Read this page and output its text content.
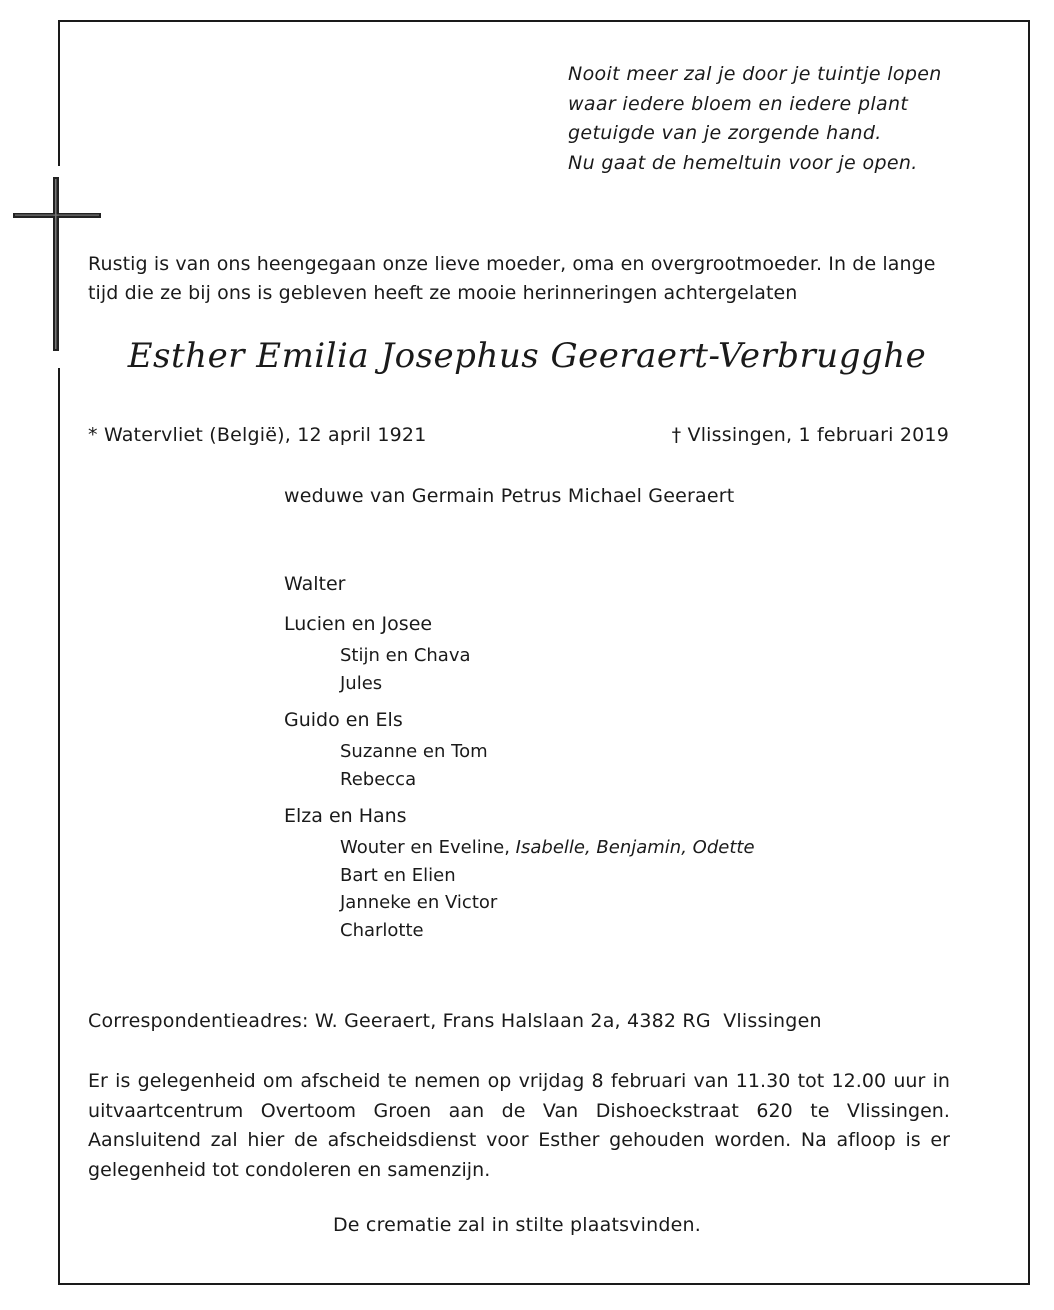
Nooit meer zal je door je tuintje lopen
waar iedere bloem en iedere plant
getuigde van je zorgende hand.
Nu gaat de hemeltuin voor je open.
Rustig is van ons heengegaan onze lieve moeder, oma en overgrootmoeder. In de lange tijd die ze bij ons is gebleven heeft ze mooie herinneringen achtergelaten
Esther Emilia Josephus Geeraert-Verbrugghe
* Watervliet (België), 12 april 1921	† Vlissingen, 1 februari 2019
weduwe van Germain Petrus Michael Geeraert
Walter
Lucien en Josee
Stijn en Chava
Jules
Guido en Els
Suzanne en Tom
Rebecca
Elza en Hans
Wouter en Eveline, Isabelle, Benjamin, Odette
Bart en Elien
Janneke en Victor
Charlotte
Correspondentieadres: W. Geeraert, Frans Halslaan 2a, 4382 RG  Vlissingen
Er is gelegenheid om afscheid te nemen op vrijdag 8 februari van 11.30 tot 12.00 uur in uitvaartcentrum Overtoom Groen aan de Van Dishoeckstraat 620 te Vlissingen. Aansluitend zal hier de afscheidsdienst voor Esther gehouden worden. Na afloop is er gelegenheid tot condoleren en samenzijn.
De crematie zal in stilte plaatsvinden.
